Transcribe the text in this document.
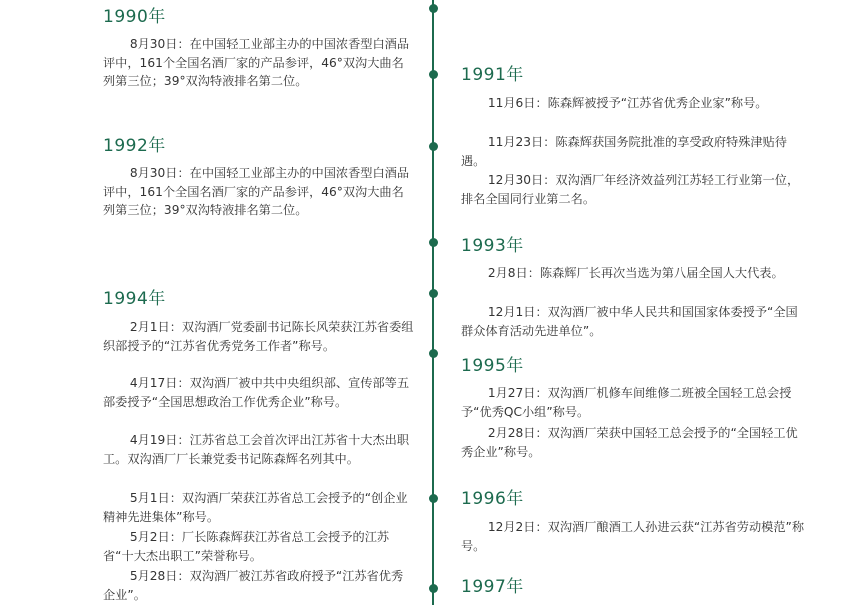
1990年

8月30日：在中国轻工业部主办的中国浓香型白酒品评中，161个全国名酒厂家的产品参评，46°双沟大曲名列第三位；39°双沟特液排名第二位。

1992年

8月30日：在中国轻工业部主办的中国浓香型白酒品评中，161个全国名酒厂家的产品参评，46°双沟大曲名列第三位；39°双沟特液排名第二位。

1994年

2月1日：双沟酒厂党委副书记陈长风荣获江苏省委组织部授予的“江苏省优秀党务工作者”称号。

4月17日：双沟酒厂被中共中央组织部、宣传部等五部委授予“全国思想政治工作优秀企业”称号。

4月19日：江苏省总工会首次评出江苏省十大杰出职工。双沟酒厂厂长兼党委书记陈森辉名列其中。

5月1日：双沟酒厂荣获江苏省总工会授予的“创企业精神先进集体”称号。

5月2日：厂长陈森辉获江苏省总工会授予的江苏省“十大杰出职工”荣誉称号。

5月28日：双沟酒厂被江苏省政府授予“江苏省优秀企业”。

1991年

11月6日：陈森辉被授予“江苏省优秀企业家”称号。

11月23日：陈森辉获国务院批准的享受政府特殊津贴待遇。

12月30日：双沟酒厂年经济效益列江苏轻工行业第一位，排名全国同行业第二名。

1993年

2月8日：陈森辉厂长再次当选为第八届全国人大代表。

12月1日：双沟酒厂被中华人民共和国国家体委授予“全国群众体育活动先进单位”。

1995年

1月27日：双沟酒厂机修车间维修二班被全国轻工总会授予“优秀QC小组”称号。

2月28日：双沟酒厂荣获中国轻工总会授予的“全国轻工优秀企业”称号。

1996年

12月2日：双沟酒厂酿酒工人孙进云获“江苏省劳动模范”称号。

1997年
